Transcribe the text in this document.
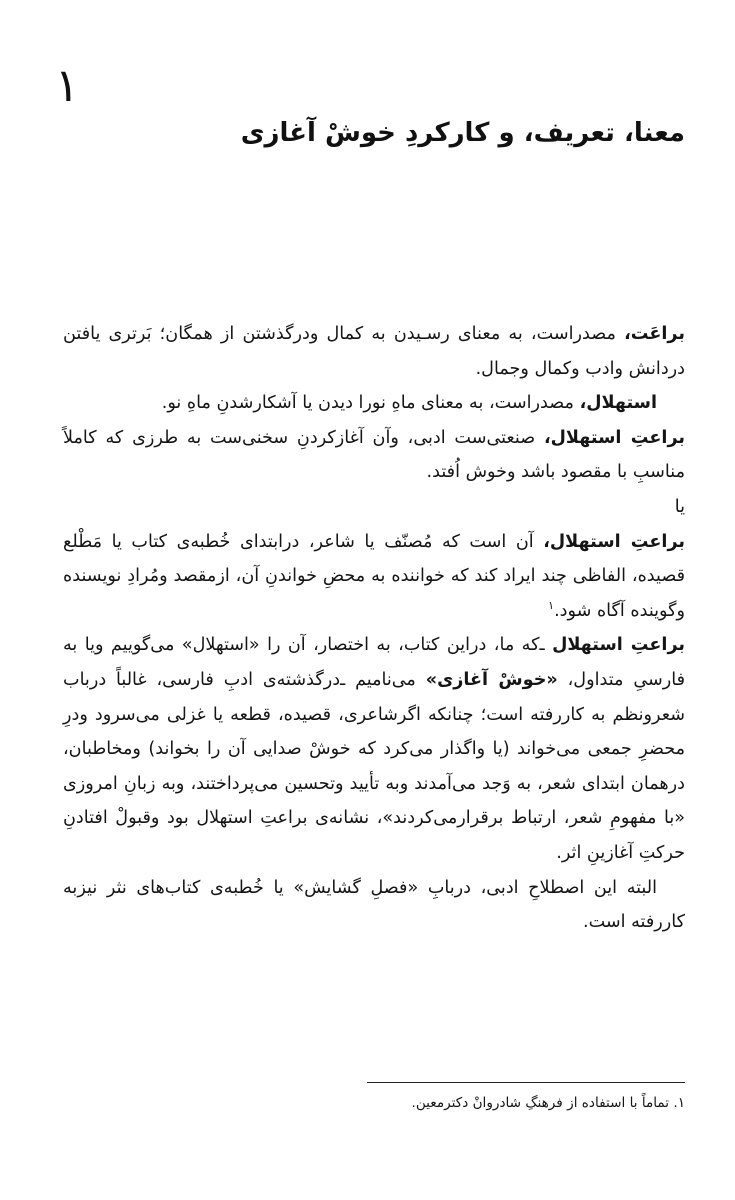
۱
معنا، تعریف، و کارکردِ خوشْ آغازی

براعَت، مصدراست، به معنای رسـیدن به کمال ودرگذشتن از همگان؛ بَرتری یافتن دردانش وادب وکمال وجمال.

استهلال، مصدراست، به معنای ماهِ نورا دیدن یا آشکارشدنِ ماهِ نو.

براعتِ استهلال، صنعتی‌ست ادبی، وآن آغازکردنِ سخنی‌ست به طرزی که کاملاً مناسبِ با مقصود باشد وخوش اُفتد.

یا

براعتِ استهلال، آن است که مُصنّف یا شاعر، درابتدای خُطبه‌ی کتاب یا مَطْلع قصیده، الفاظی چند ایراد کند که خواننده به محضِ خواندنِ آن، ازمقصد ومُرادِ نویسنده وگوینده آگاه شود.$^۱$

براعتِ استهلال ـ‌که ما، دراین کتاب، به اختصار، آن را «استهلال» می‌گوییم ویا به فارسی‌ِ متداول، «خوشْ آغازی» می‌نامیم ـ‌درگذشته‌ی ادبِ فارسی، غالباً درباب شعرونظم به کاررفته است؛ چنانکه اگرشاعری، قصیده، قطعه یا غزلی می‌سرود ودرِ محضرِ جمعی می‌خواند (یا واگذار می‌کرد که خوشْ صدایی آن را بخواند) ومخاطبان، درهمان ابتدای شعر، به وَجد می‌آمدند وبه تأیید وتحسین می‌پرداختند، وبه زبانِ امروزی «با مفهومِ شعر، ارتباط برقرارمی‌کردند»، نشانه‌ی براعتِ استهلال بود وقبولْ افتادنِ حرکتِ آغازینِ اثر.

البته این اصطلاحِ ادبی، دربابِ «فصلِ گشایش» یا خُطبه‌ی کتاب‌های نثر نیزبه کاررفته است.

۱. تماماً با استفاده از فرهنگِ شادروانْ دکترمعین.
